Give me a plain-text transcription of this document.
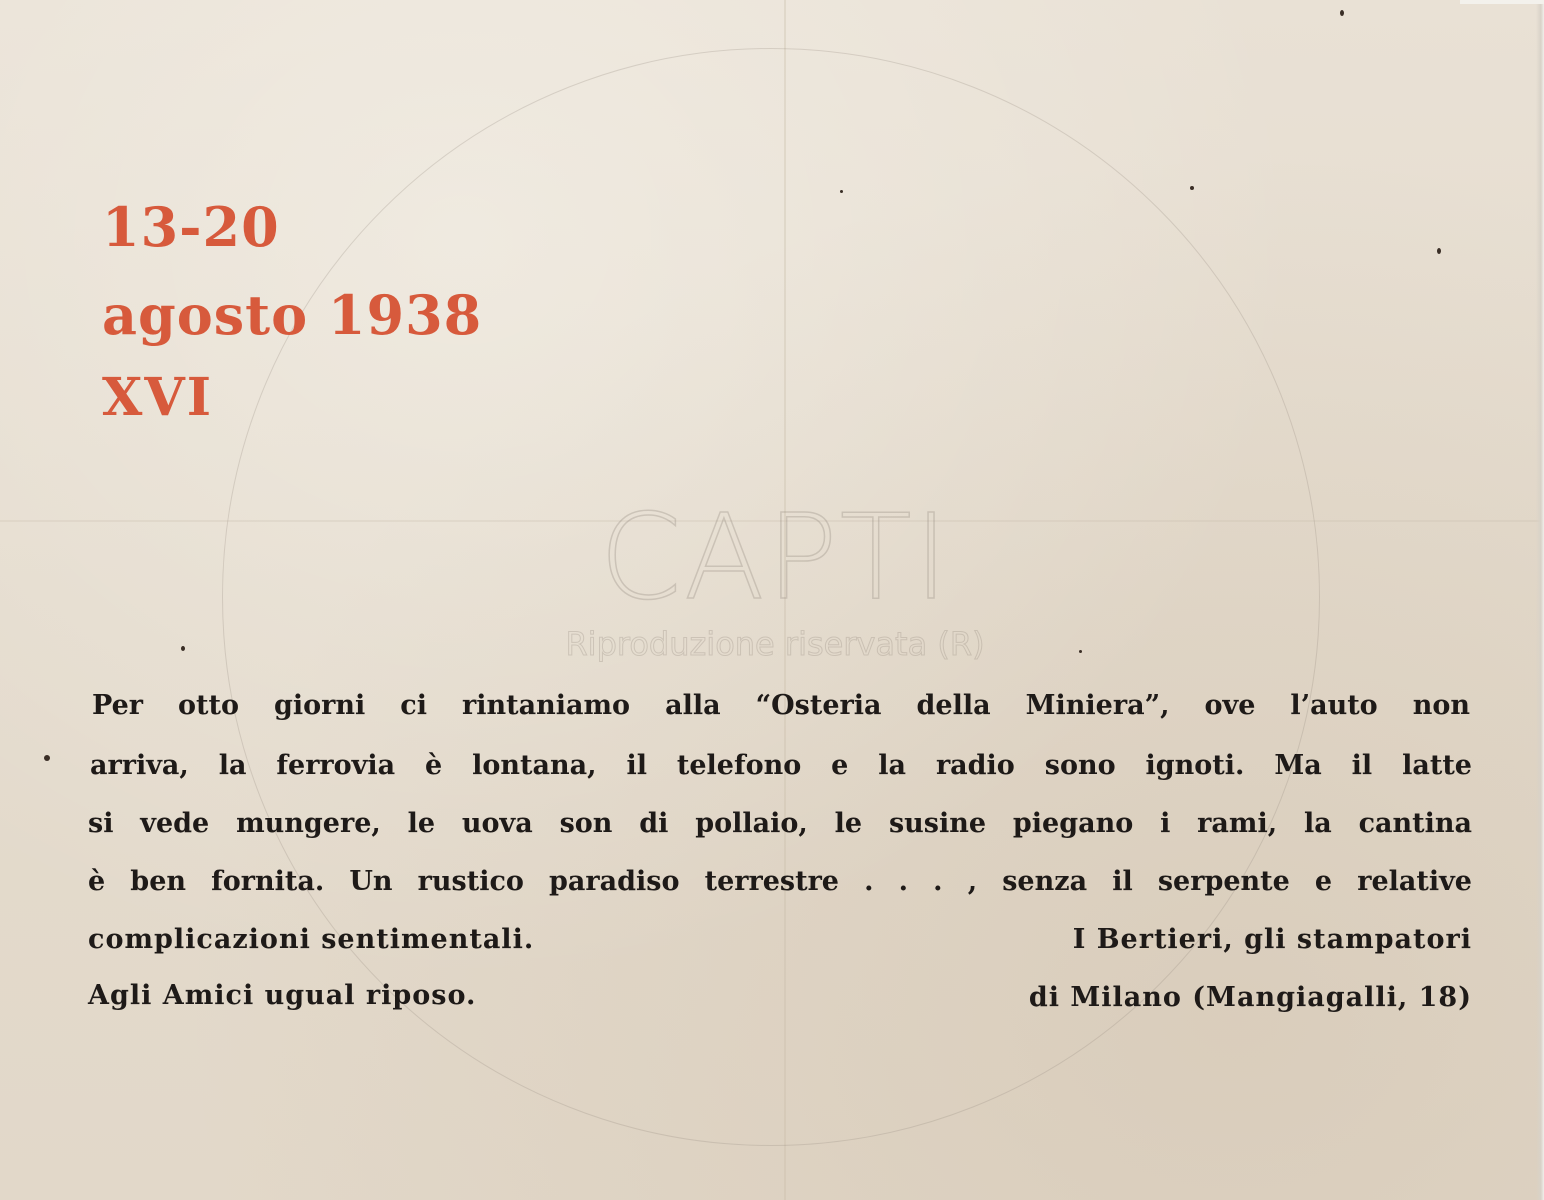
CAPTI
Riproduzione riservata (R)
13-20
agosto 1938
XVI
Per otto giorni ci rintaniamo alla “Osteria della Miniera”, ove l’auto non
arriva, la ferrovia è lontana, il telefono e la radio sono ignoti. Ma il latte
si vede mungere, le uova son di pollaio, le susine piegano i rami, la cantina
è ben fornita. Un rustico paradiso terrestre . . . , senza il serpente e relative
complicazioni sentimentali.
Agli Amici ugual riposo.
I Bertieri, gli stampatori
di Milano (Mangiagalli, 18)
